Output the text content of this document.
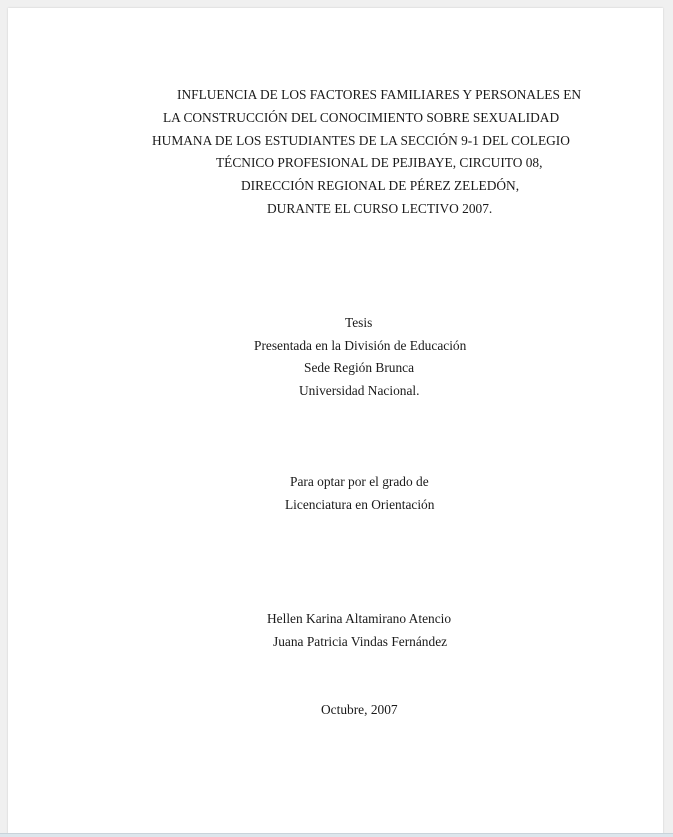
INFLUENCIA DE LOS FACTORES FAMILIARES Y PERSONALES EN
LA CONSTRUCCIÓN DEL CONOCIMIENTO SOBRE SEXUALIDAD
HUMANA DE LOS ESTUDIANTES DE LA SECCIÓN 9-1 DEL COLEGIO
TÉCNICO PROFESIONAL DE PEJIBAYE, CIRCUITO 08,
DIRECCIÓN REGIONAL DE PÉREZ ZELEDÓN,
DURANTE EL CURSO LECTIVO 2007.
Tesis
Presentada en la División de Educación
Sede Región Brunca
Universidad Nacional.
Para optar por el grado de
Licenciatura en Orientación
Hellen Karina Altamirano Atencio
Juana Patricia Vindas Fernández
Octubre, 2007
